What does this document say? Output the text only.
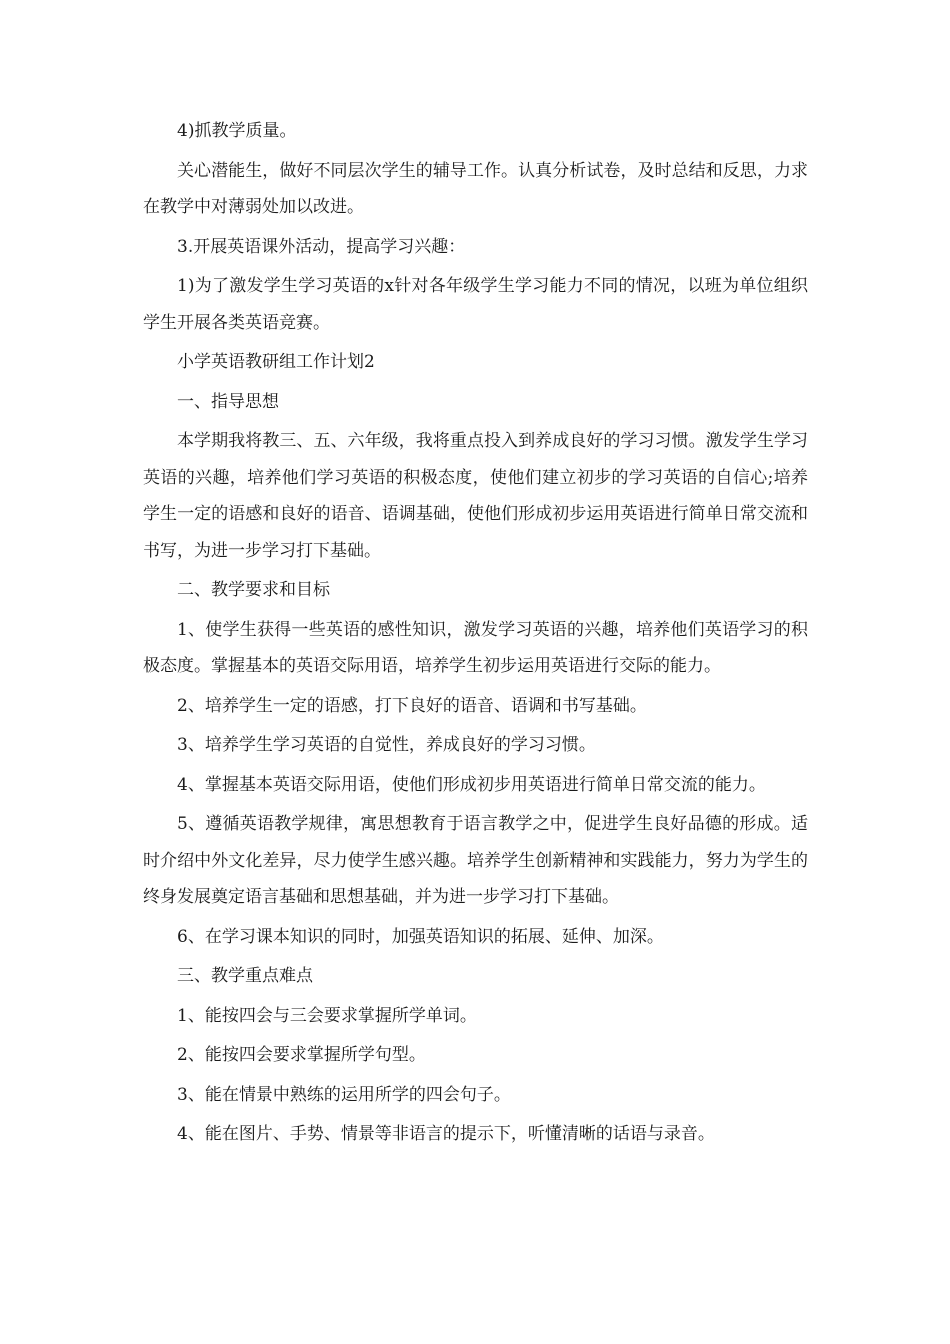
4)抓教学质量。

关心潜能生，做好不同层次学生的辅导工作。认真分析试卷，及时总结和反思，力求在教学中对薄弱处加以改进。

3.开展英语课外活动，提高学习兴趣：

1)为了激发学生学习英语的x针对各年级学生学习能力不同的情况，以班为单位组织学生开展各类英语竞赛。

小学英语教研组工作计划2

一、指导思想

本学期我将教三、五、六年级，我将重点投入到养成良好的学习习惯。激发学生学习英语的兴趣，培养他们学习英语的积极态度，使他们建立初步的学习英语的自信心;培养学生一定的语感和良好的语音、语调基础，使他们形成初步运用英语进行简单日常交流和书写，为进一步学习打下基础。

二、教学要求和目标

1、使学生获得一些英语的感性知识，激发学习英语的兴趣，培养他们英语学习的积极态度。掌握基本的英语交际用语，培养学生初步运用英语进行交际的能力。

2、培养学生一定的语感，打下良好的语音、语调和书写基础。

3、培养学生学习英语的自觉性，养成良好的学习习惯。

4、掌握基本英语交际用语，使他们形成初步用英语进行简单日常交流的能力。

5、遵循英语教学规律，寓思想教育于语言教学之中，促进学生良好品德的形成。适时介绍中外文化差异，尽力使学生感兴趣。培养学生创新精神和实践能力，努力为学生的终身发展奠定语言基础和思想基础，并为进一步学习打下基础。

6、在学习课本知识的同时，加强英语知识的拓展、延伸、加深。

三、教学重点难点

1、能按四会与三会要求掌握所学单词。

2、能按四会要求掌握所学句型。

3、能在情景中熟练的运用所学的四会句子。

4、能在图片、手势、情景等非语言的提示下，听懂清晰的话语与录音。
